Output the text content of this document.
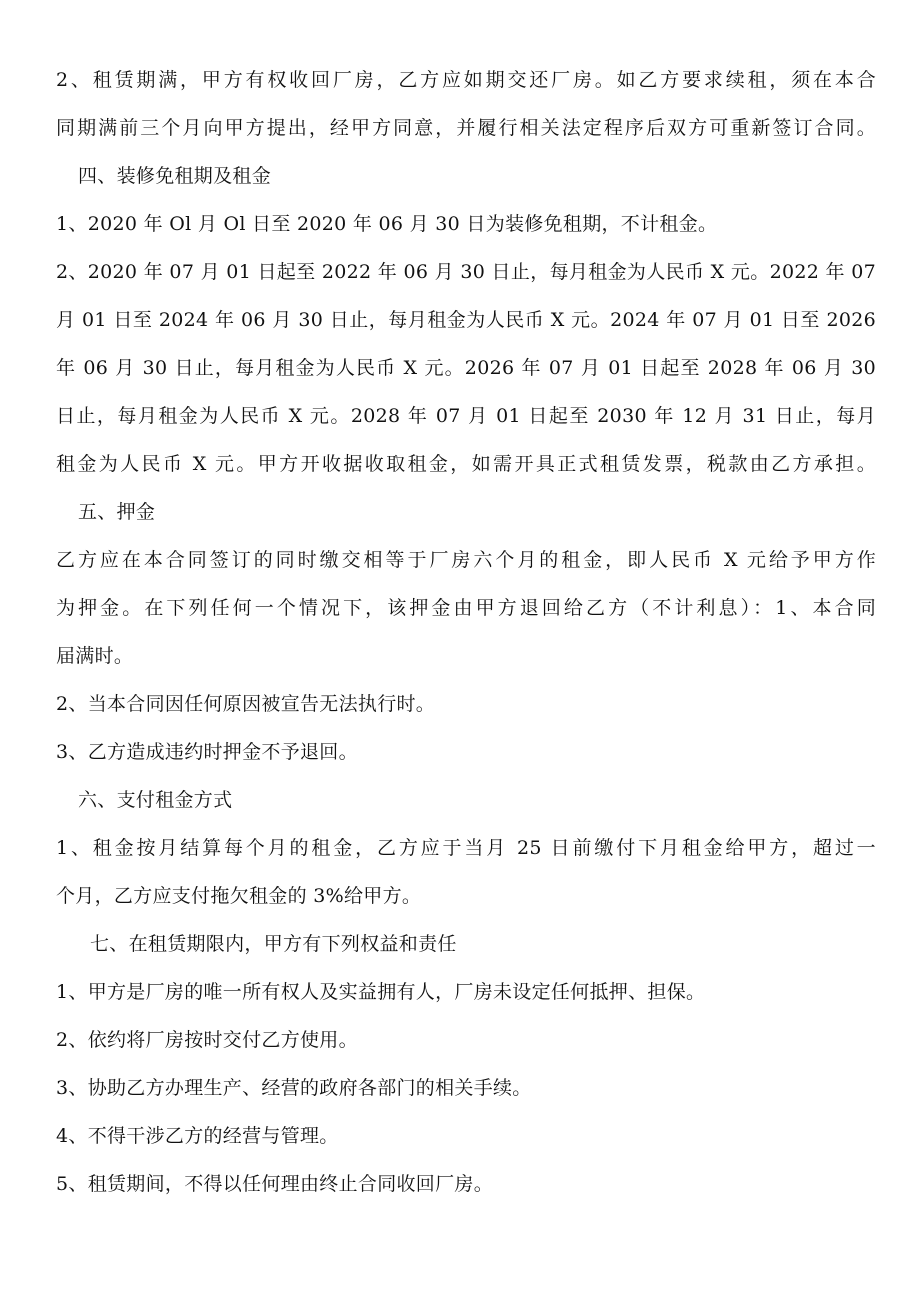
2、租赁期满，甲方有权收回厂房，乙方应如期交还厂房。如乙方要求续租，须在本合
同期满前三个月向甲方提出，经甲方同意，并履行相关法定程序后双方可重新签订合同。
四、装修免租期及租金
1、2020 年 Ol 月 Ol 日至 2020 年 06 月 30 日为装修免租期，不计租金。
2、2020 年 07 月 01 日起至 2022 年 06 月 30 日止，每月租金为人民币 X 元。2022 年 07
月 01 日至 2024 年 06 月 30 日止，每月租金为人民币 X 元。2024 年 07 月 01 日至 2026
年 06 月 30 日止，每月租金为人民币 X 元。2026 年 07 月 01 日起至 2028 年 06 月 30
日止，每月租金为人民币 X 元。2028 年 07 月 01 日起至 2030 年 12 月 31 日止，每月
租金为人民币 X 元。甲方开收据收取租金，如需开具正式租赁发票，税款由乙方承担。
五、押金
乙方应在本合同签订的同时缴交相等于厂房六个月的租金，即人民币 X 元给予甲方作
为押金。在下列任何一个情况下，该押金由甲方退回给乙方（不计利息）：1、本合同
届满时。
2、当本合同因任何原因被宣告无法执行时。
3、乙方造成违约时押金不予退回。
六、支付租金方式
1、租金按月结算每个月的租金，乙方应于当月 25 日前缴付下月租金给甲方，超过一
个月，乙方应支付拖欠租金的 3%给甲方。
七、在租赁期限内，甲方有下列权益和责任
1、甲方是厂房的唯一所有权人及实益拥有人，厂房未设定任何抵押、担保。
2、依约将厂房按时交付乙方使用。
3、协助乙方办理生产、经营的政府各部门的相关手续。
4、不得干涉乙方的经营与管理。
5、租赁期间，不得以任何理由终止合同收回厂房。
